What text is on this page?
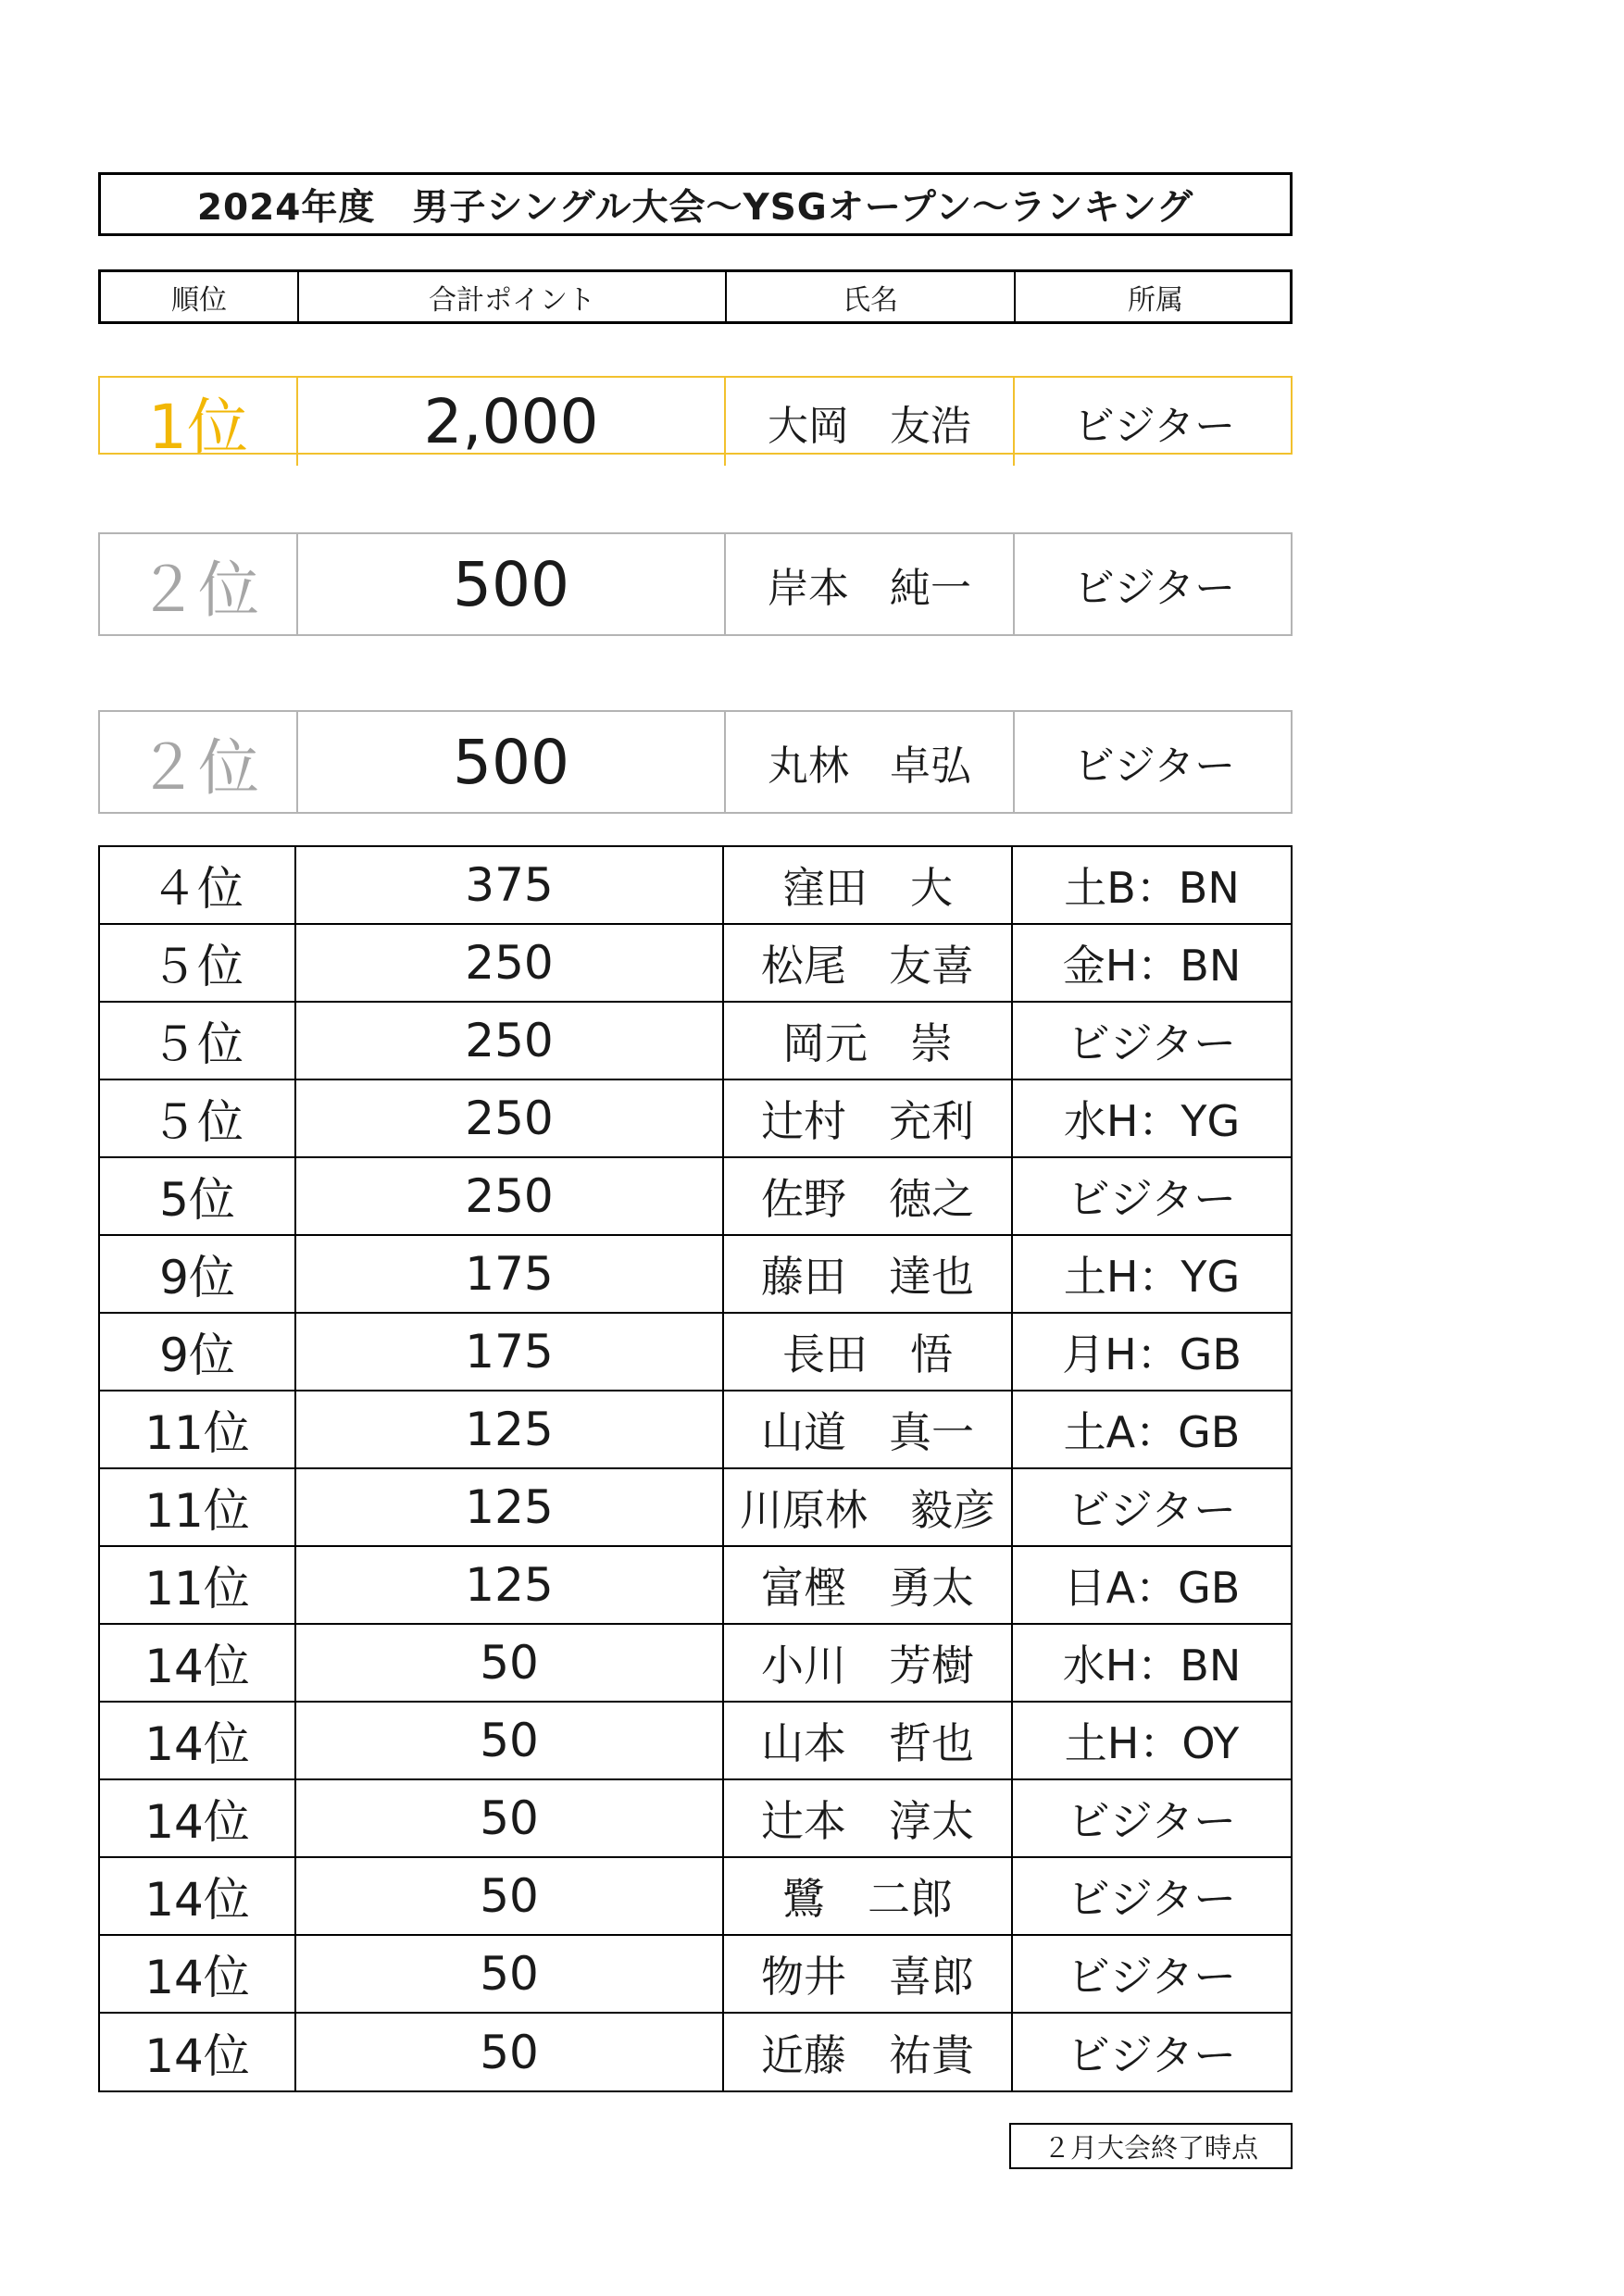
2024年度　男子シングル大会～YSGオープン～ランキング
順位	合計ポイント	氏名	所属
1位	2,000	大岡　友浩	ビジター
２位	500	岸本　純一	ビジター
２位	500	丸林　卓弘	ビジター
４位	375	窪田　大	土B：BN
５位	250	松尾　友喜	金H：BN
５位	250	岡元　崇	ビジター
５位	250	辻村　充利	水H：YG
5位	250	佐野　徳之	ビジター
9位	175	藤田　達也	土H：YG
9位	175	長田　悟	月H：GB
11位	125	山道　真一	土A：GB
11位	125	川原林　毅彦	ビジター
11位	125	富樫　勇太	日A：GB
14位	50	小川　芳樹	水H：BN
14位	50	山本　哲也	土H：OY
14位	50	辻本　淳太	ビジター
14位	50	鷺　二郎	ビジター
14位	50	物井　喜郎	ビジター
14位	50	近藤　祐貴	ビジター
２月大会終了時点
